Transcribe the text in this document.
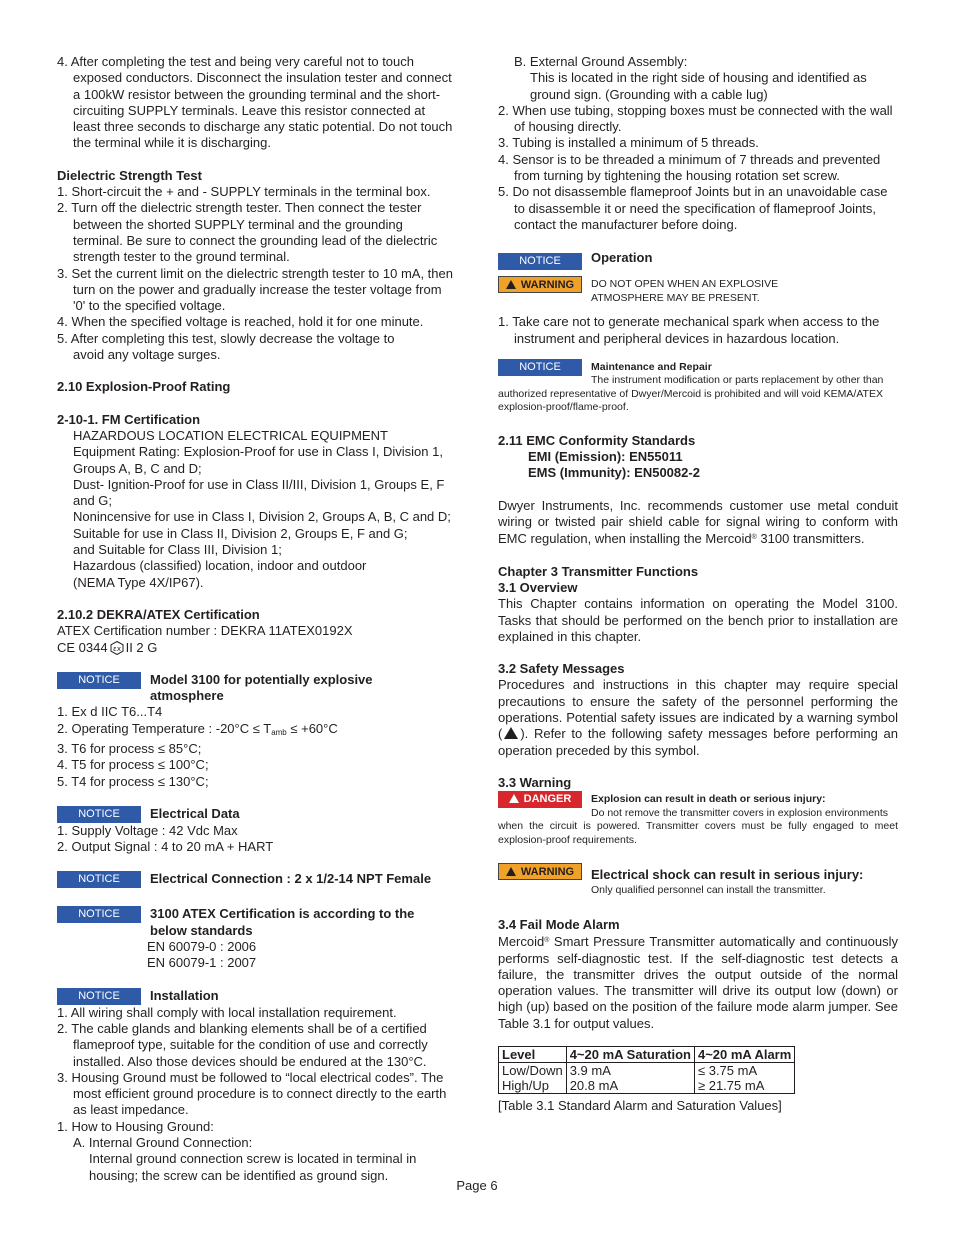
4. After completing the test and being very careful not to touch

exposed conductors. Disconnect the insulation tester and connect

a 100kW resistor between the grounding terminal and the short-

circuiting SUPPLY terminals. Leave this resistor connected at

least three seconds to discharge any static potential. Do not touch

the terminal while it is discharging.

Dielectric Strength Test

1. Short-circuit the + and - SUPPLY terminals in the terminal box.

2. Turn off the dielectric strength tester. Then connect the tester

between the shorted SUPPLY terminal and the grounding

terminal. Be sure to connect the grounding lead of the dielectric

strength tester to the ground terminal.

3. Set the current limit on the dielectric strength tester to 10 mA, then

turn on the power and gradually increase the tester voltage from

'0' to the specified voltage.

4. When the specified voltage is reached, hold it for one minute.

5. After completing this test, slowly decrease the voltage to

avoid any voltage surges.

2.10 Explosion-Proof Rating

2-10-1. FM Certification

HAZARDOUS LOCATION ELECTRICAL EQUIPMENT

Equipment Rating: Explosion-Proof for use in Class I, Division 1,

Groups A, B, C and D;

Dust- Ignition-Proof for use in Class II/III, Division 1, Groups E, F and G;

Nonincensive for use in Class I, Division 2, Groups A, B, C and D;

Suitable for use in Class II, Division 2, Groups E, F and G;

and Suitable for Class III, Division 1;

Hazardous (classified) location, indoor and outdoor

(NEMA Type 4X/IP67).

2.10.2 DEKRA/ATEX Certification

ATEX Certification number : DEKRA 11ATEX0192X

CE 0344 εx II 2 G

NOTICE	Model 3100 for potentially explosive

atmosphere

1. Ex d IIC T6...T4

2. Operating Temperature : $-20^\circ C \le T_{amb} \le +60^\circ C$

3. T6 for process ≤ 85°C;

4. T5 for process ≤ 100°C;

5. T4 for process ≤ 130°C;

NOTICE	Electrical Data

1. Supply Voltage : 42 Vdc Max

2. Output Signal : 4 to 20 mA + HART

NOTICE	Electrical Connection : 2 x 1/2-14 NPT Female

NOTICE	3100 ATEX Certification is according to the

below standards

EN 60079-0 : 2006

EN 60079-1 : 2007

NOTICE	Installation

1. All wiring shall comply with local installation requirement.

2. The cable glands and blanking elements shall be of a certified

flameproof type, suitable for the condition of use and correctly

installed. Also those devices should be endured at the 130°C.

3. Housing Ground must be followed to “local electrical codes”. The

most efficient ground procedure is to connect directly to the earth

as least impedance.

1. How to Housing Ground:

A. Internal Ground Connection:

Internal ground connection screw is located in terminal in

housing; the screw can be identified as ground sign.

B. External Ground Assembly:

This is located in the right side of housing and identified as

ground sign. (Grounding with a cable lug)

2. When use tubing, stopping boxes must be connected with the wall

of housing directly.

3. Tubing is installed a minimum of 5 threads.

4. Sensor is to be threaded a minimum of 7 threads and prevented

from turning by tightening the housing rotation set screw.

5. Do not disassemble flameproof Joints but in an unavoidable case

to disassemble it or need the specification of flameproof Joints,

contact the manufacturer before doing.

NOTICE	Operation

WARNING	DO NOT OPEN WHEN AN EXPLOSIVE

ATMOSPHERE MAY BE PRESENT.

1. Take care not to generate mechanical spark when access to the

instrument and peripheral devices in hazardous location.

NOTICE	Maintenance and Repair

The instrument modification or parts replacement by other than

authorized representative of Dwyer/Mercoid is prohibited and will void KEMA/ATEX

explosion-proof/flame-proof.

2.11 EMC Conformity Standards

EMI (Emission): EN55011

EMS (Immunity): EN50082-2

Dwyer Instruments, Inc. recommends customer use metal conduit wiring or twisted pair shield cable for signal wiring to conform with EMC regulation, when installing the Mercoid® 3100 transmitters.

Chapter 3 Transmitter Functions

3.1 Overview

This Chapter contains information on operating the Model 3100. Tasks that should be performed on the bench prior to installation are explained in this chapter.

3.2 Safety Messages

Procedures and instructions in this chapter may require special precautions to ensure the safety of the personnel performing the operations. Potential safety issues are indicated by a warning symbol ( ). Refer to the following safety messages before performing an operation preceded by this symbol.

3.3 Warning

DANGER	Explosion can result in death or serious injury:

Do not remove the transmitter covers in explosion environments

when the circuit is powered. Transmitter covers must be fully engaged to meet explosion-proof requirements.

WARNING	Electrical shock can result in serious injury:

Only qualified personnel can install the transmitter.

3.4 Fail Mode Alarm

Mercoid® Smart Pressure Transmitter automatically and continuously performs self-diagnostic test. If the self-diagnostic test detects a failure, the transmitter drives the output outside of the normal operation values. The transmitter will drive its output low (down) or high (up) based on the position of the failure mode alarm jumper. See Table 3.1 for output values.

Level	4~20 mA Saturation	4~20 mA Alarm
Low/Down	3.9 mA	≤ 3.75 mA
High/Up	20.8 mA	≥ 21.75 mA

[Table 3.1 Standard Alarm and Saturation Values]

Page 6
